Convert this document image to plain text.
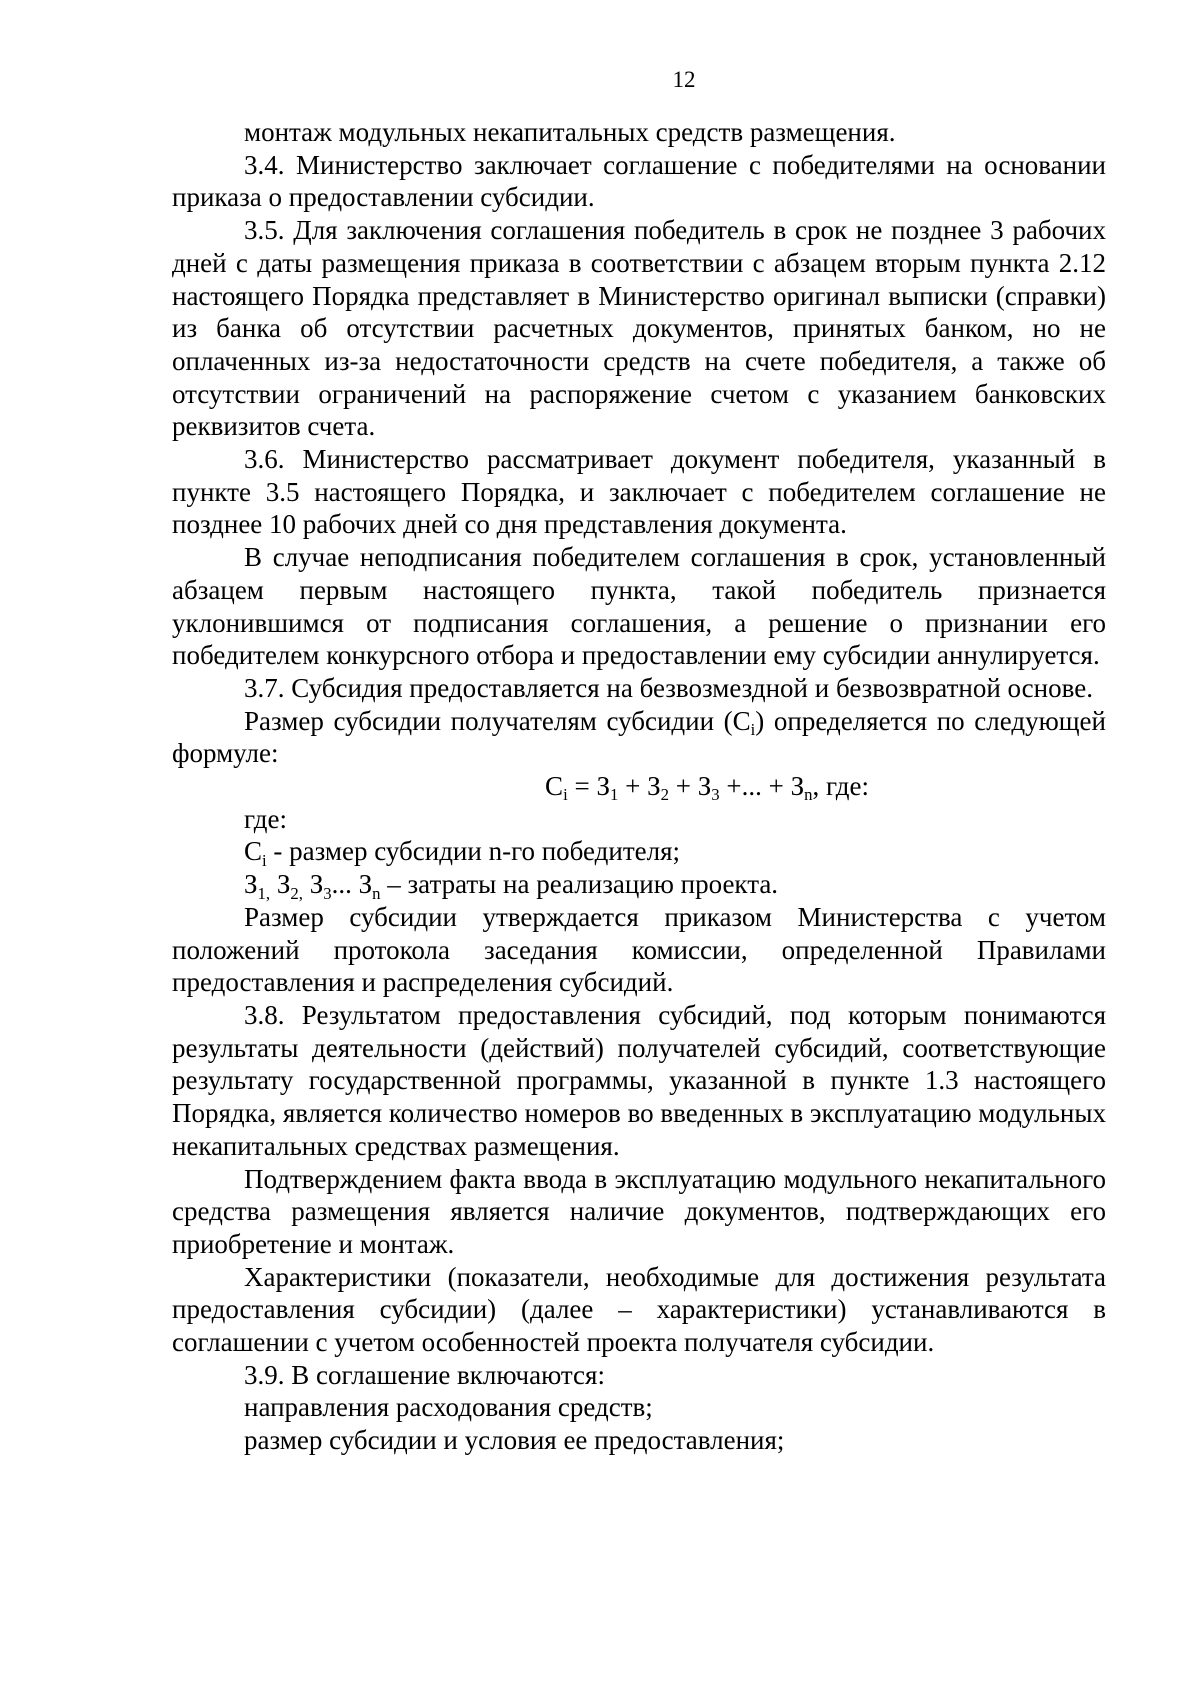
12

монтаж модульных некапитальных средств размещения.

3.4. Министерство заключает соглашение с победителями на основании приказа о предоставлении субсидии.

3.5. Для заключения соглашения победитель в срок не позднее 3 рабочих дней с даты размещения приказа в соответствии с абзацем вторым пункта 2.12 настоящего Порядка представляет в Министерство оригинал выписки (справки) из банка об отсутствии расчетных документов, принятых банком, но не оплаченных из-за недостаточности средств на счете победителя, а также об отсутствии ограничений на распоряжение счетом с указанием банковских реквизитов счета.

3.6. Министерство рассматривает документ победителя, указанный в пункте 3.5 настоящего Порядка, и заключает с победителем соглашение не позднее 10 рабочих дней со дня представления документа.

В случае неподписания победителем соглашения в срок, установленный абзацем первым настоящего пункта, такой победитель признается уклонившимся от подписания соглашения, а решение о признании его победителем конкурсного отбора и предоставлении ему субсидии аннулируется.

3.7. Субсидия предоставляется на безвозмездной и безвозвратной основе.

Размер субсидии получателям субсидии $(C_i)$ определяется по следующей формуле:

$C_i = З_1 + З_2 + З_3$ +... + $З_n$, где:

где:

$C_i$ - размер субсидии n-го победителя;

$З_{1,}$ $З_{2,}$ $З_3$... $З_n$ – затраты на реализацию проекта.

Размер субсидии утверждается приказом Министерства с учетом положений протокола заседания комиссии, определенной Правилами предоставления и распределения субсидий.

3.8. Результатом предоставления субсидий, под которым понимаются результаты деятельности (действий) получателей субсидий, соответствующие результату государственной программы, указанной в пункте 1.3 настоящего Порядка, является количество номеров во введенных в эксплуатацию модульных некапитальных средствах размещения.

Подтверждением факта ввода в эксплуатацию модульного некапитального средства размещения является наличие документов, подтверждающих его приобретение и монтаж.

Характеристики (показатели, необходимые для достижения результата предоставления субсидии) (далее – характеристики) устанавливаются в соглашении с учетом особенностей проекта получателя субсидии.

3.9. В соглашение включаются:

направления расходования средств;

размер субсидии и условия ее предоставления;
